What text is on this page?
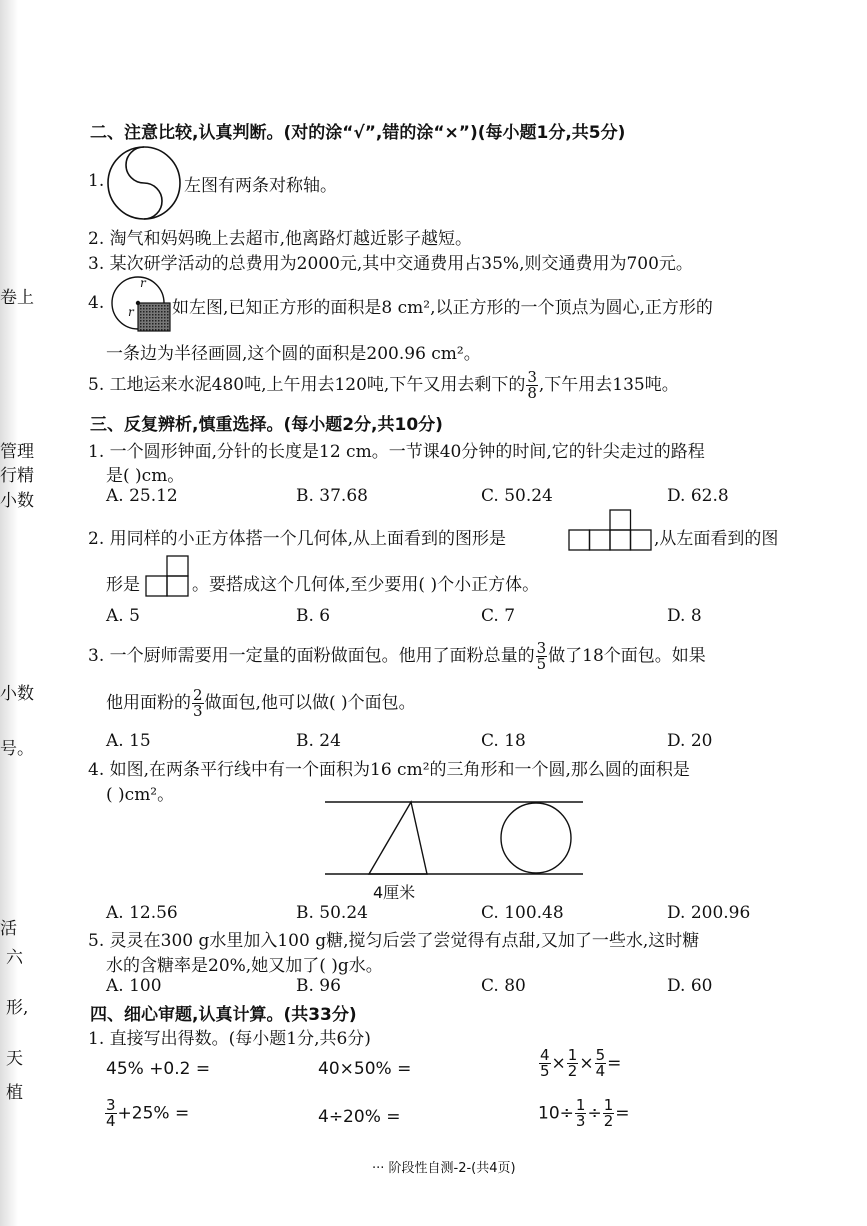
卷上
管理
行精
小数
小数
号。
活
六
形,
天
植
二、注意比较,认真判断。(对的涂“√”,错的涂“×”)(每小题1分,共5分)
1.	左图有两条对称轴。
2. 淘气和妈妈晚上去超市,他离路灯越近影子越短。
3. 某次研学活动的总费用为2000元,其中交通费用占35%,则交通费用为700元。
4.
r
r 如左图,已知正方形的面积是8 cm²,以正方形的一个顶点为圆心,正方形的
一条边为半径画圆,这个圆的面积是200.96 cm²。
5. 工地运来水泥480吨,上午用去120吨,下午又用去剩下的 $\frac{3}{8}$ ,下午用去135吨。
三、反复辨析,慎重选择。(每小题2分,共10分)
1. 一个圆形钟面,分针的长度是12 cm。一节课40分钟的时间,它的针尖走过的路程
是( )cm。
A. 25.12	B. 37.68	C. 50.24	D. 62.8
2. 用同样的小正方体搭一个几何体,从上面看到的图形是	,从左面看到的图
形是	。要搭成这个几何体,至少要用( )个小正方体。
A. 5	B. 6	C. 7	D. 8
3. 一个厨师需要用一定量的面粉做面包。他用了面粉总量的 $\frac{3}{5}$ 做了18个面包。如果
他用面粉的 $\frac{2}{3}$ 做面包,他可以做( )个面包。
A. 15	B. 24	C. 18	D. 20
4. 如图,在两条平行线中有一个面积为16 cm²的三角形和一个圆,那么圆的面积是
( )cm²。
4厘米
A. 12.56	B. 50.24	C. 100.48	D. 200.96
5. 灵灵在300 g水里加入100 g糖,搅匀后尝了尝觉得有点甜,又加了一些水,这时糖
水的含糖率是20%,她又加了( )g水。
A. 100	B. 96	C. 80	D. 60
四、细心审题,认真计算。(共33分)
1. 直接写出得数。(每小题1分,共6分)
45% +0.2 =	40×50% =	$\frac{4}{5} \times \frac{1}{2} \times \frac{5}{4}$ =
$\frac{3}{4} +25\%$ =	4÷20% =	$10\div \frac{1}{3} \div \frac{1}{2}$ =
··· 阶段性自测-2-(共4页)
